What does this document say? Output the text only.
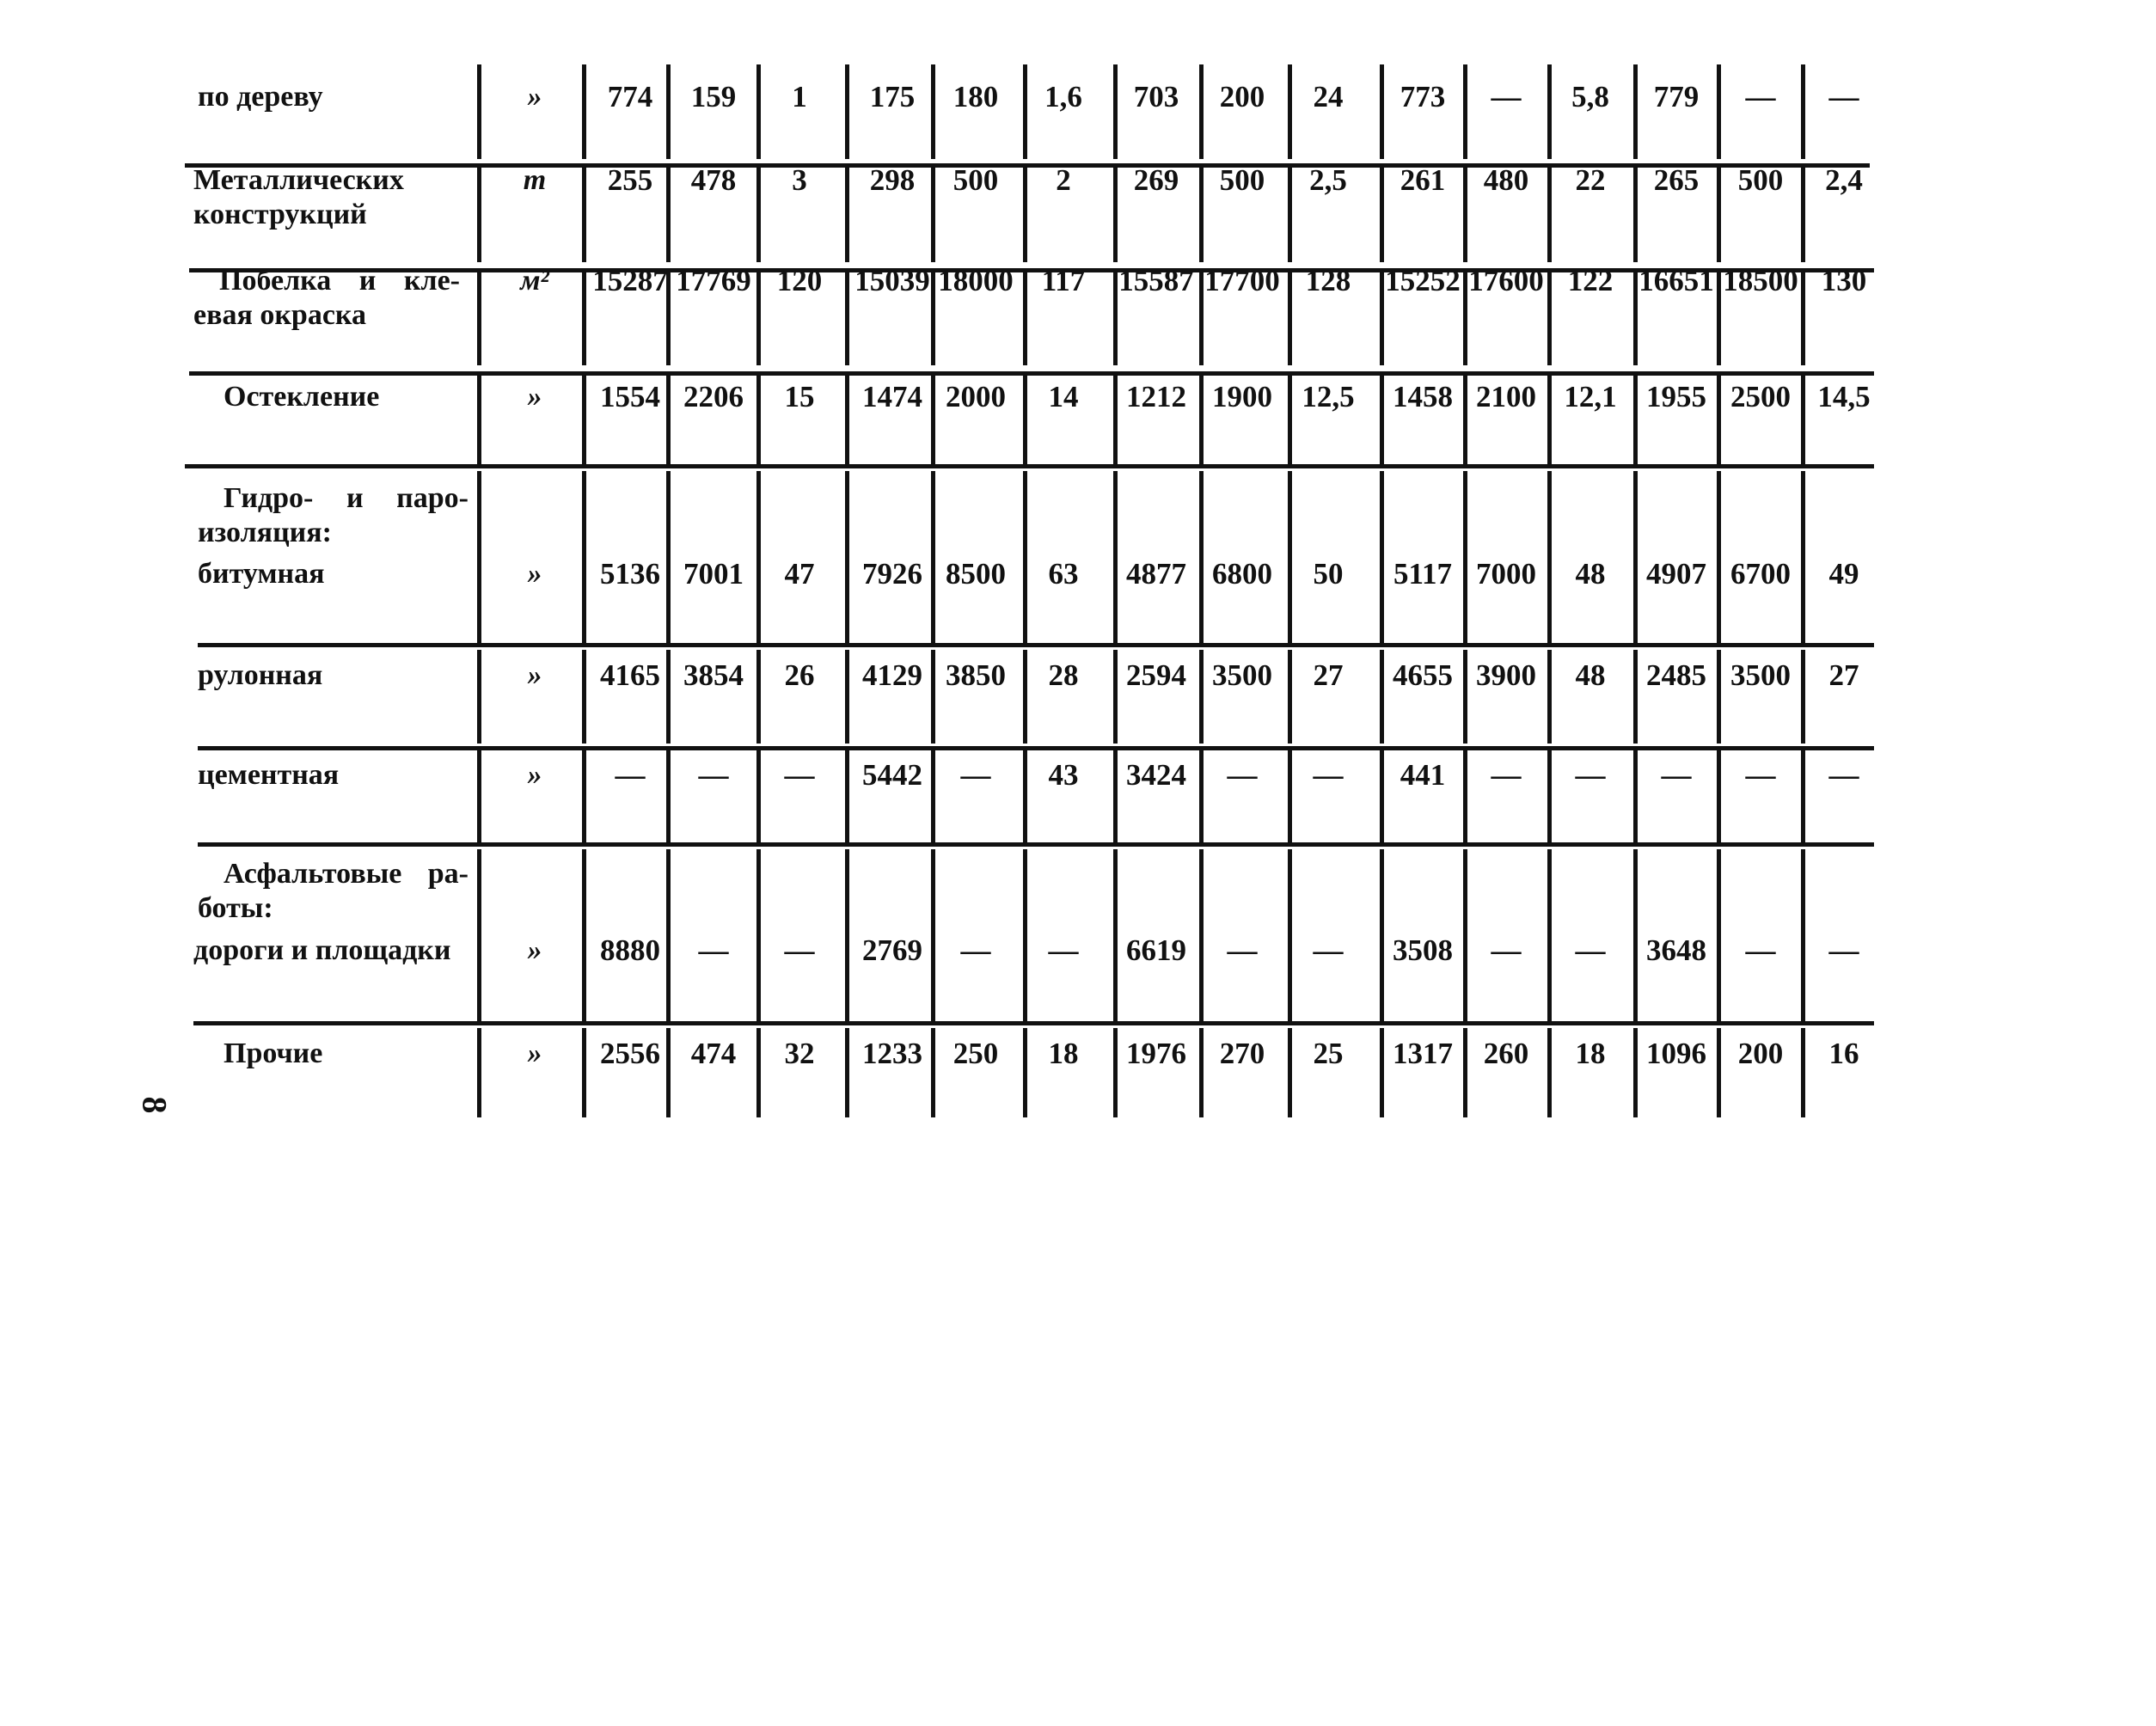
по дереву	» 774 159 1 175 180 1,6 703 200 24 773 — 5,8 779 — —
Металлических
конструкций
т 255 478 3 298 500 2 269 500 2,5 261 480 22 265 500 2,4
Побелка и кле-
евая окраска
м² 15287 17769 120 15039 18000 117 15587 17700 128 15252 17600 122 16651 18500 130
Остекление	» 1554 2206 15 1474 2000 14 1212 1900 12,5 1458 2100 12,1 1955 2500 14,5
Гидро- и паро-
изоляция:
битумная	» 5136 7001 47 7926 8500 63 4877 6800 50 5117 7000 48 4907 6700 49
рулонная	» 4165 3854 26 4129 3850 28 2594 3500 27 4655 3900 48 2485 3500 27
цементная	» — — — 5442 — 43 3424 — — 441 — — — — —
Асфальтовые ра-
боты:
дороги и площадки	» 8880 — — 2769 — — 6619 — — 3508 — — 3648 — —
Прочие	» 2556 474 32 1233 250 18 1976 270 25 1317 260 18 1096 200 16
8
